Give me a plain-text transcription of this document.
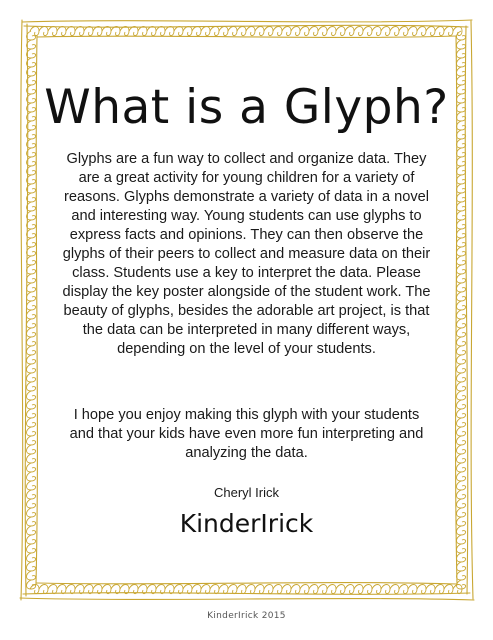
What is a Glyph?

Glyphs are a fun way to collect and organize data. They are a great activity for young children for a variety of reasons. Glyphs demonstrate a variety of data in a novel and interesting way. Young students can use glyphs to express facts and opinions. They can then observe the glyphs of their peers to collect and measure data on their class. Students use a key to interpret the data. Please display the key poster alongside of the student work. The beauty of glyphs, besides the adorable art project, is that the data can be interpreted in many different ways, depending on the level of your students.

I hope you enjoy making this glyph with your students and that your kids have even more fun interpreting and analyzing the data.

Cheryl Irick
KinderIrick
KinderIrick 2015
